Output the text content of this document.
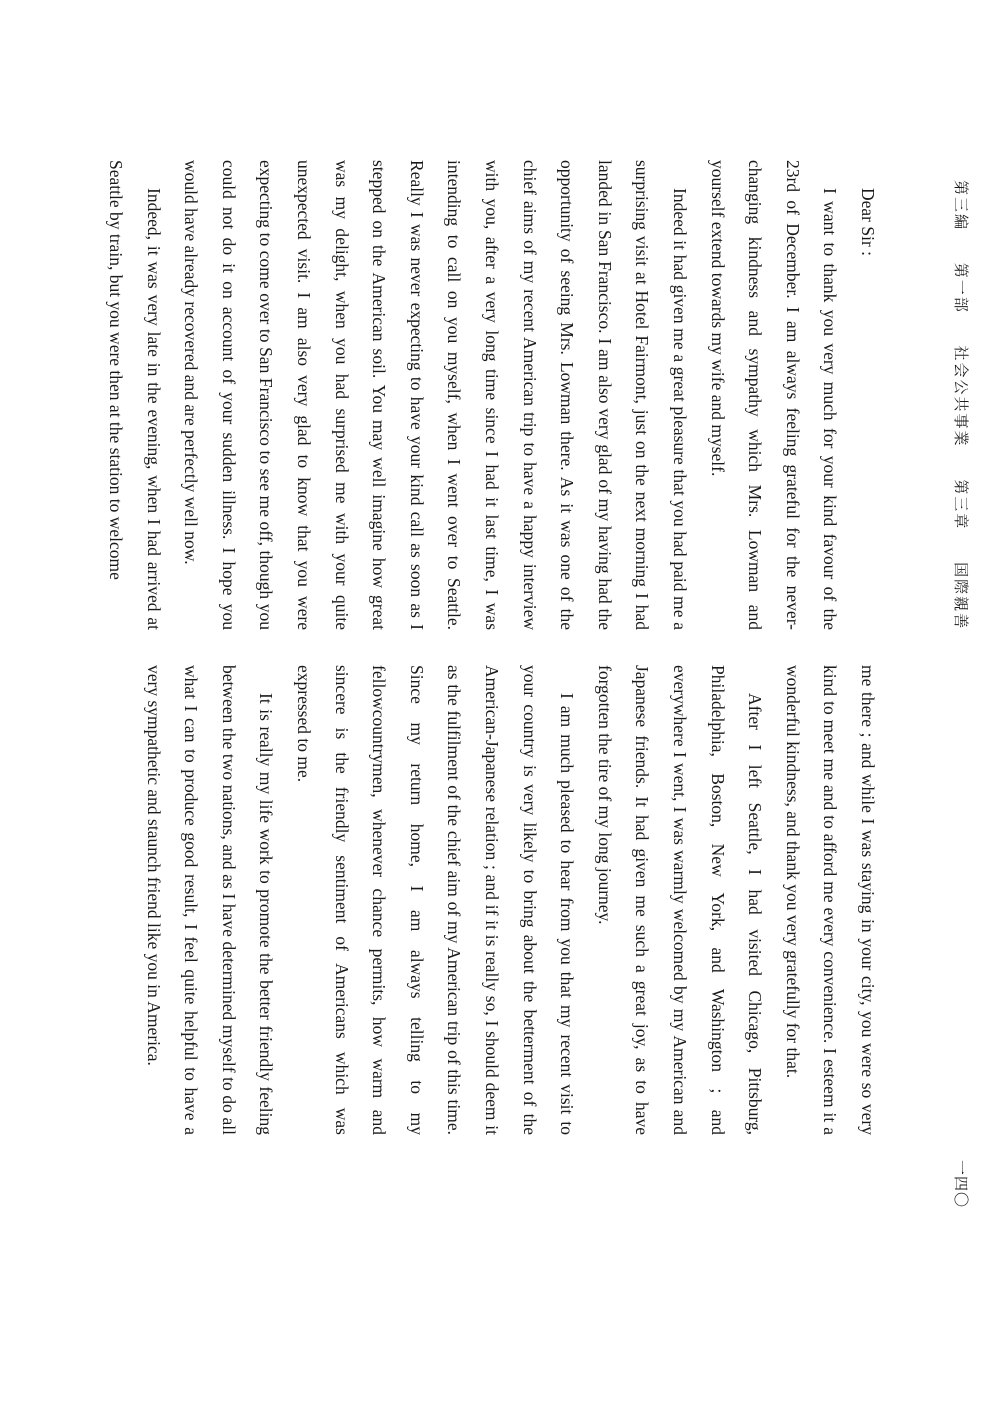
第三編 第一部 社会公共事業 第三章 国際親善
一四〇

Dear Sir :

I want to thank you very much for your kind favour of the 23rd of December. I am always feeling grateful for the never-changing kindness and sympathy which Mrs. Lowman and yourself extend towards my wife and myself.

Indeed it had given me a great pleasure that you had paid me a surprising visit at Hotel Fairmont, just on the next morning I had landed in San Francisco. I am also very glad of my having had the opportunity of seeing Mrs. Lowman there. As it was one of the chief aims of my recent American trip to have a happy interview with you, after a very long time since I had it last time, I was intending to call on you myself, when I went over to Seattle. Really I was never expecting to have your kind call as soon as I stepped on the American soil. You may well imagine how great was my delight, when you had surprised me with your quite unexpected visit. I am also very glad to know that you were expecting to come over to San Francisco to see me off, though you could not do it on account of your sudden illness. I hope you would have already recovered and are perfectly well now.

Indeed, it was very late in the evening, when I had arrived at Seattle by train, but you were then at the station to welcome

me there ; and while I was staying in your city, you were so very kind to meet me and to afford me every convenience. I esteem it a wonderful kindness, and thank you very gratefully for that.

After I left Seattle, I had visited Chicago, Pittsburg, Philadelphia, Boston, New York, and Washington ; and everywhere I went, I was warmly welcomed by my American and Japanese friends. It had given me such a great joy, as to have forgotten the tire of my long journey.

I am much pleased to hear from you that my recent visit to your country is very likely to bring about the betterment of the American-Japanese relation ; and if it is really so, I should deem it as the fulfilment of the chief aim of my American trip of this time. Since my return home, I am always telling to my fellowcountrymen, whenever chance permits, how warm and sincere is the friendly sentiment of Americans which was expressed to me.

It is really my life work to promote the better friendly feeling between the two nations, and as I have determined myself to do all what I can to produce good result, I feel quite helpful to have a very sympathetic and staunch friend like you in America.
